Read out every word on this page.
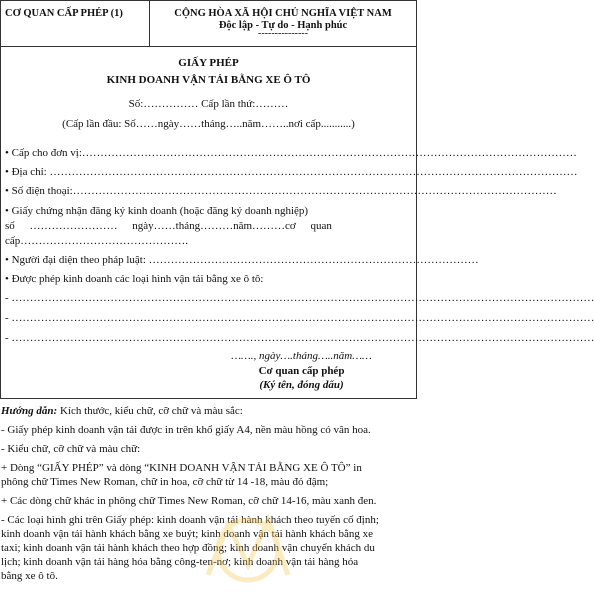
CƠ QUAN CẤP PHÉP (1)	CỘNG HÒA XÃ HỘI CHỦ NGHĨA VIỆT NAM
Độc lập - Tự do - Hạnh phúc
---------------
GIẤY PHÉP
KINH DOANH VẬN TẢI BẰNG XE Ô TÔ
Số:…………… Cấp lần thứ:………
(Cấp lần đầu: Số……ngày……tháng…..năm……..nơi cấp...........)
• Cấp cho đơn vị:………………………………………………………………………………………………………………………
• Địa chỉ: ………………………………………………………………………………………………………………………………
• Số điện thoại:……………………………………………………………………………………………………………………
• Giấy chứng nhận đăng ký kinh doanh (hoặc đăng ký doanh nghiệp)
số …………………… ngày……tháng………năm………cơ quan
cấp……………………………………….
• Người đại diện theo pháp luật: ………………………………………………………………………………
• Được phép kinh doanh các loại hình vận tải bằng xe ô tô:
- ……………………………………………………………………………………………………………………………………………
- ……………………………………………………………………………………………………………………………………………
- ……………………………………………………………………………………………………………………………………………
……., ngày….tháng…..năm……
Cơ quan cấp phép
(Ký tên, đóng dấu)
Hướng dẫn: Kích thước, kiểu chữ, cỡ chữ và màu sắc:
- Giấy phép kinh doanh vận tải được in trên khổ giấy A4, nền màu hồng có vân hoa.
- Kiểu chữ, cỡ chữ và màu chữ:
+ Dòng “GIẤY PHÉP” và dòng “KINH DOANH VẬN TẢI BẰNG XE Ô TÔ” in
phông chữ Times New Roman, chữ in hoa, cỡ chữ từ 14 -18, màu đỏ đậm;
+ Các dòng chữ khác in phông chữ Times New Roman, cỡ chữ 14-16, màu xanh đen.
- Các loại hình ghi trên Giấy phép: kinh doanh vận tải hành khách theo tuyến cố định;
kinh doanh vận tải hành khách bằng xe buýt; kinh doanh vận tải hành khách bằng xe
taxi; kinh doanh vận tải hành khách theo hợp đồng; kinh doanh vận chuyển khách du
lịch; kinh doanh vận tải hàng hóa bằng công-ten-nơ; kinh doanh vận tải hàng hóa
bằng xe ô tô.
